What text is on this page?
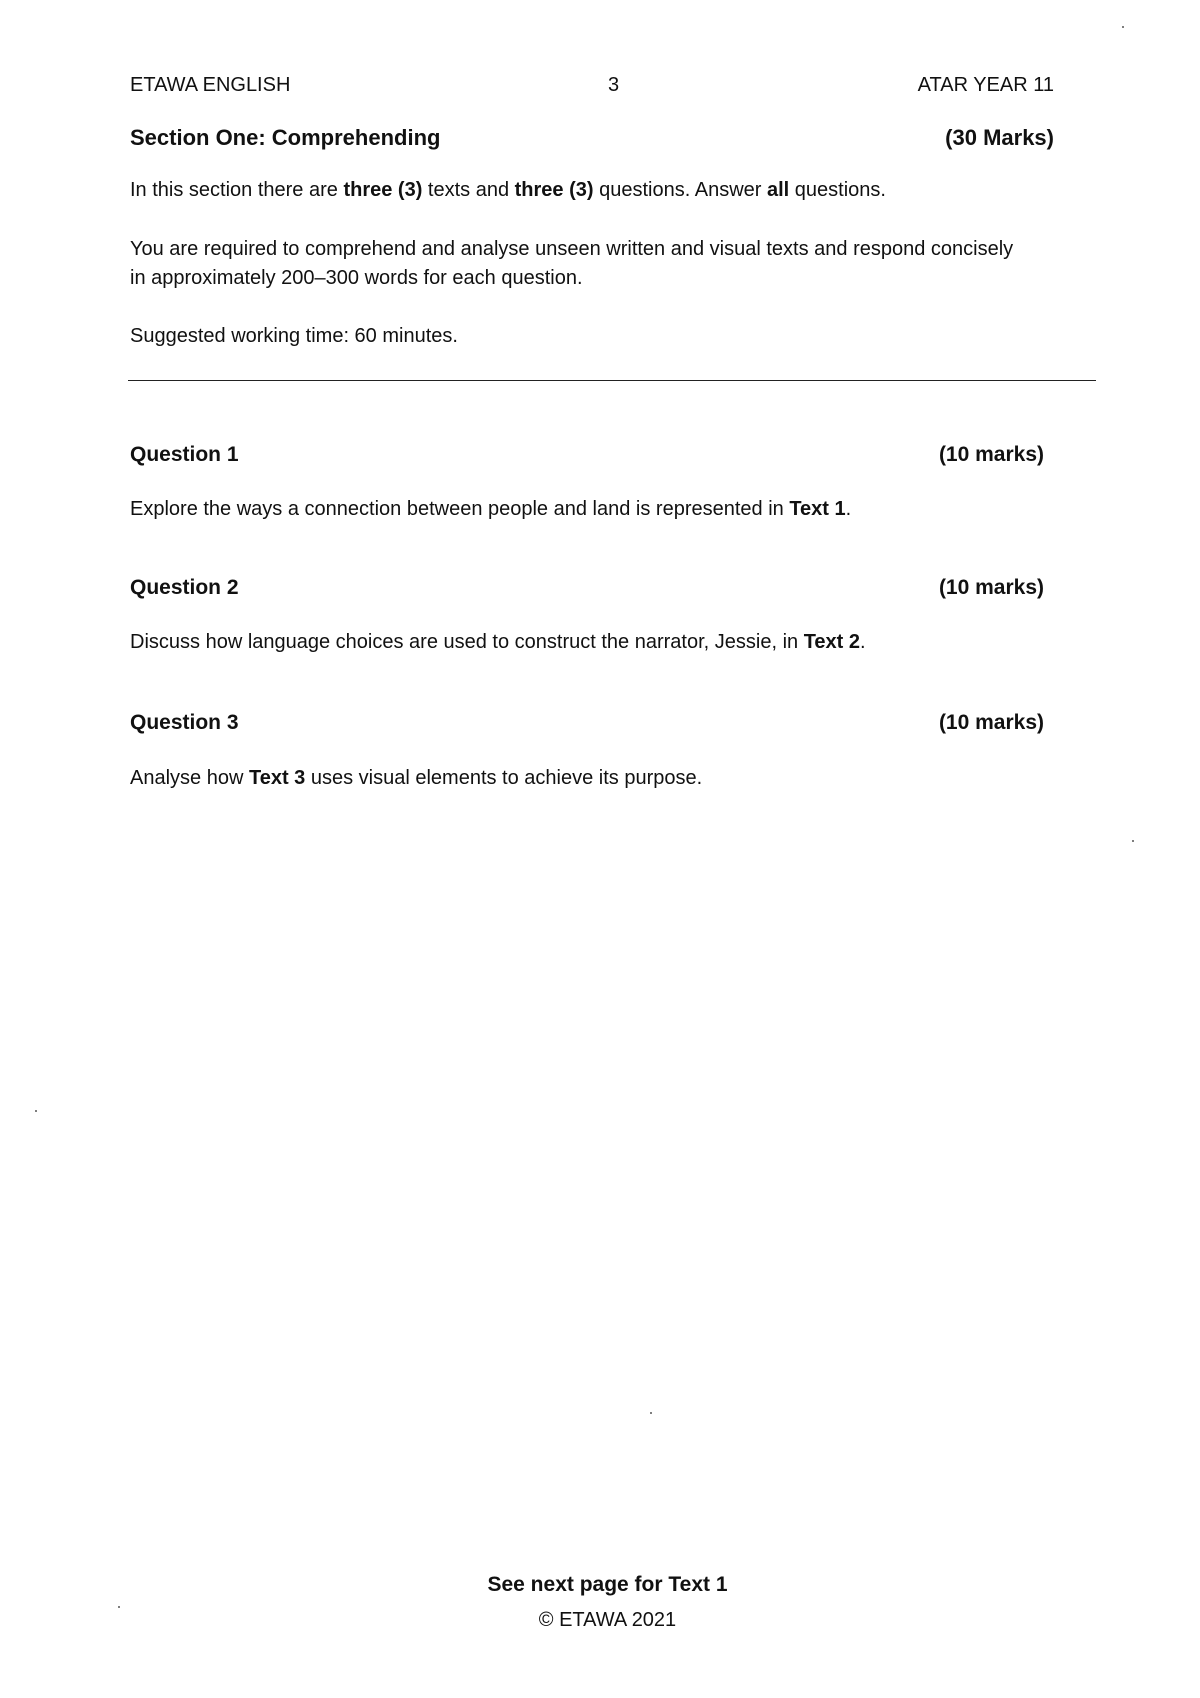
ETAWA ENGLISH	3	ATAR YEAR 11
Section One: Comprehending	(30 Marks)
In this section there are three (3) texts and three (3) questions. Answer all questions.
You are required to comprehend and analyse unseen written and visual texts and respond concisely in approximately 200–300 words for each question.
Suggested working time: 60 minutes.
Question 1	(10 marks)
Explore the ways a connection between people and land is represented in Text 1.
Question 2	(10 marks)
Discuss how language choices are used to construct the narrator, Jessie, in Text 2.
Question 3	(10 marks)
Analyse how Text 3 uses visual elements to achieve its purpose.
See next page for Text 1
© ETAWA 2021
